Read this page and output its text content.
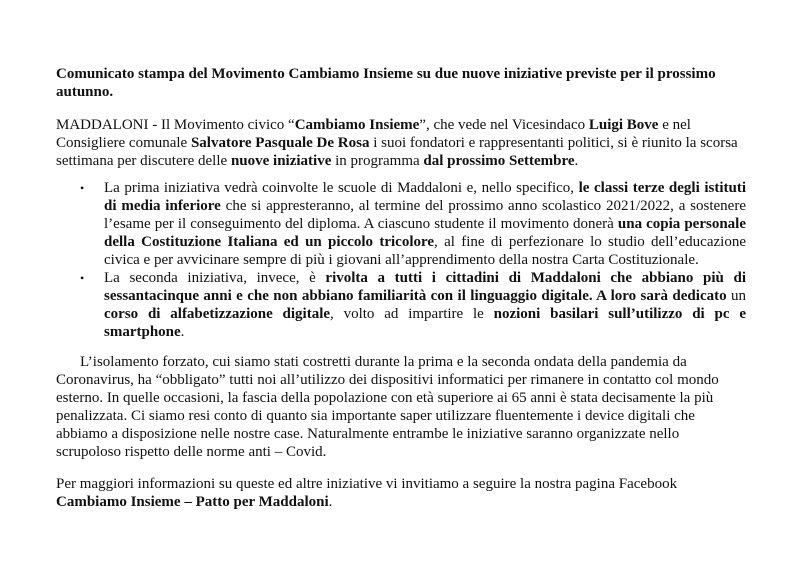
Comunicato stampa del Movimento Cambiamo Insieme su due nuove iniziative previste per il prossimo autunno.

MADDALONI - Il Movimento civico “Cambiamo Insieme”, che vede nel Vicesindaco Luigi Bove e nel Consigliere comunale Salvatore Pasquale De Rosa i suoi fondatori e rappresentanti politici, si è riunito la scorsa settimana per discutere delle nuove iniziative in programma dal prossimo Settembre.

• La prima iniziativa vedrà coinvolte le scuole di Maddaloni e, nello specifico, le classi terze degli istituti di media inferiore che si appresteranno, al termine del prossimo anno scolastico 2021/2022, a sostenere l’esame per il conseguimento del diploma. A ciascuno studente il movimento donerà una copia personale della Costituzione Italiana ed un piccolo tricolore, al fine di perfezionare lo studio dell’educazione civica e per avvicinare sempre di più i giovani all’apprendimento della nostra Carta Costituzionale.
• La seconda iniziativa, invece, è rivolta a tutti i cittadini di Maddaloni che abbiano più di sessantacinque anni e che non abbiano familiarità con il linguaggio digitale. A loro sarà dedicato un corso di alfabetizzazione digitale, volto ad impartire le nozioni basilari sull’utilizzo di pc e smartphone.

L’isolamento forzato, cui siamo stati costretti durante la prima e la seconda ondata della pandemia da Coronavirus, ha “obbligato” tutti noi all’utilizzo dei dispositivi informatici per rimanere in contatto col mondo esterno. In quelle occasioni, la fascia della popolazione con età superiore ai 65 anni è stata decisamente la più penalizzata. Ci siamo resi conto di quanto sia importante saper utilizzare fluentemente i device digitali che abbiamo a disposizione nelle nostre case. Naturalmente entrambe le iniziative saranno organizzate nello scrupoloso rispetto delle norme anti – Covid.

Per maggiori informazioni su queste ed altre iniziative vi invitiamo a seguire la nostra pagina Facebook Cambiamo Insieme – Patto per Maddaloni.
